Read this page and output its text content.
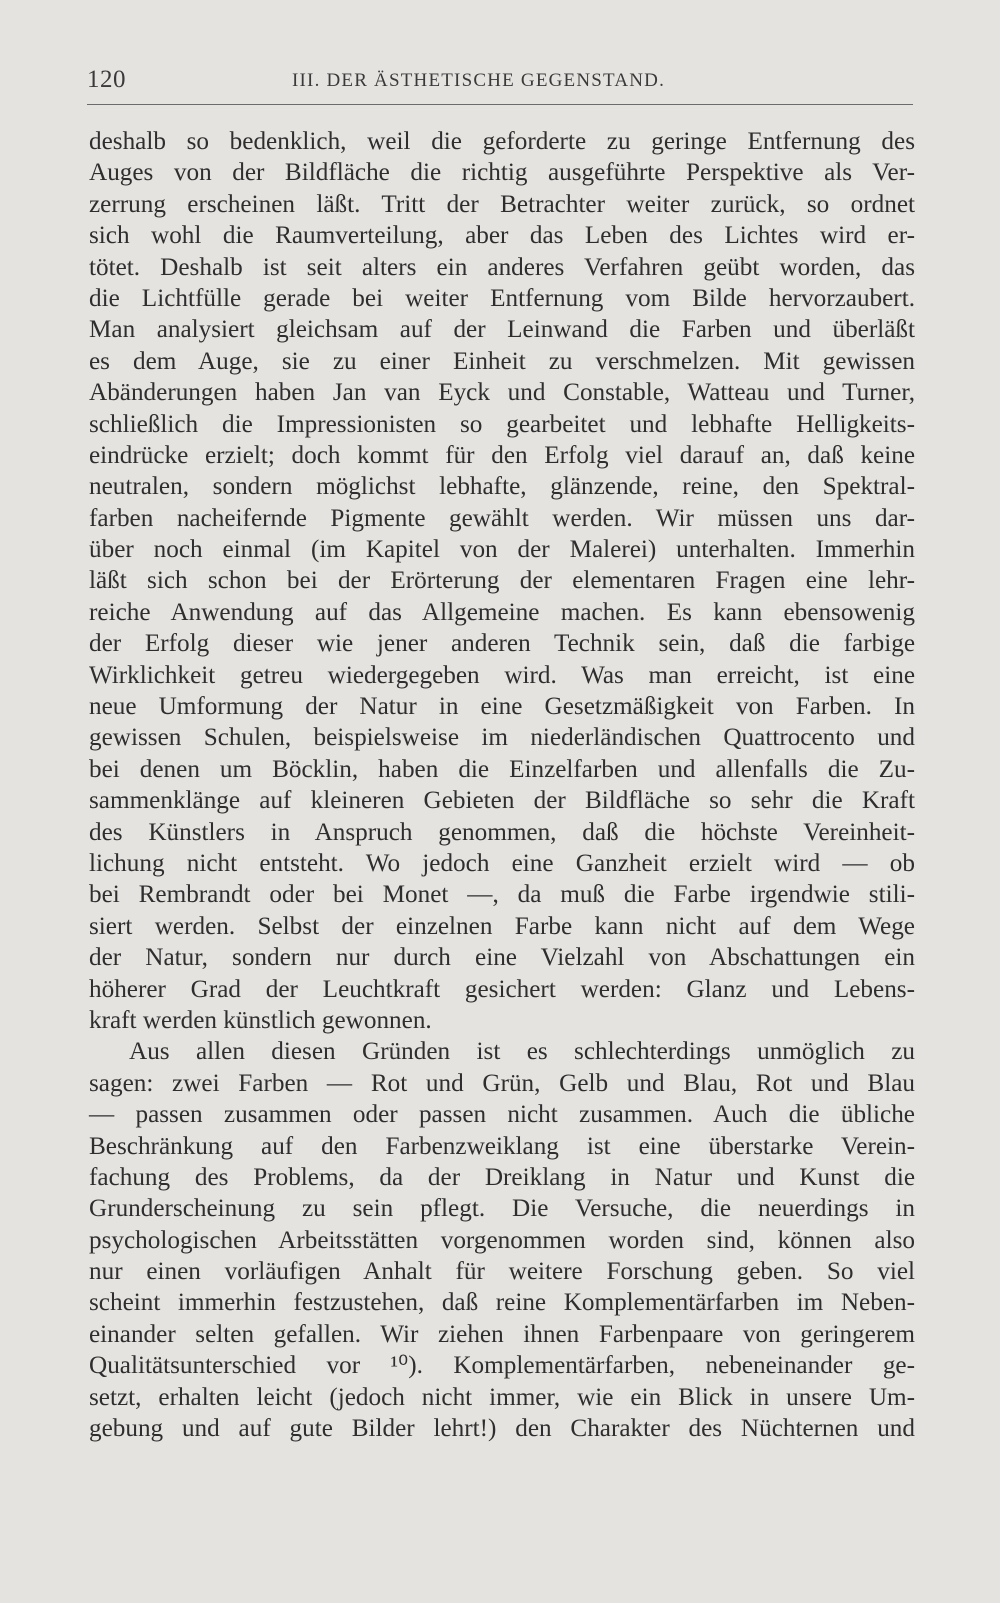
120	III. DER ÄSTHETISCHE GEGENSTAND.
deshalb so bedenklich, weil die geforderte zu geringe Entfernung des
Auges von der Bildfläche die richtig ausgeführte Perspektive als Ver-
zerrung erscheinen läßt. Tritt der Betrachter weiter zurück, so ordnet
sich wohl die Raumverteilung, aber das Leben des Lichtes wird er-
tötet. Deshalb ist seit alters ein anderes Verfahren geübt worden, das
die Lichtfülle gerade bei weiter Entfernung vom Bilde hervorzaubert.
Man analysiert gleichsam auf der Leinwand die Farben und überläßt
es dem Auge, sie zu einer Einheit zu verschmelzen. Mit gewissen
Abänderungen haben Jan van Eyck und Constable, Watteau und Turner,
schließlich die Impressionisten so gearbeitet und lebhafte Helligkeits-
eindrücke erzielt; doch kommt für den Erfolg viel darauf an, daß keine
neutralen, sondern möglichst lebhafte, glänzende, reine, den Spektral-
farben nacheifernde Pigmente gewählt werden. Wir müssen uns dar-
über noch einmal (im Kapitel von der Malerei) unterhalten. Immerhin
läßt sich schon bei der Erörterung der elementaren Fragen eine lehr-
reiche Anwendung auf das Allgemeine machen. Es kann ebensowenig
der Erfolg dieser wie jener anderen Technik sein, daß die farbige
Wirklichkeit getreu wiedergegeben wird. Was man erreicht, ist eine
neue Umformung der Natur in eine Gesetzmäßigkeit von Farben. In
gewissen Schulen, beispielsweise im niederländischen Quattrocento und
bei denen um Böcklin, haben die Einzelfarben und allenfalls die Zu-
sammenklänge auf kleineren Gebieten der Bildfläche so sehr die Kraft
des Künstlers in Anspruch genommen, daß die höchste Vereinheit-
lichung nicht entsteht. Wo jedoch eine Ganzheit erzielt wird — ob
bei Rembrandt oder bei Monet —, da muß die Farbe irgendwie stili-
siert werden. Selbst der einzelnen Farbe kann nicht auf dem Wege
der Natur, sondern nur durch eine Vielzahl von Abschattungen ein
höherer Grad der Leuchtkraft gesichert werden: Glanz und Lebens-
kraft werden künstlich gewonnen.
Aus allen diesen Gründen ist es schlechterdings unmöglich zu
sagen: zwei Farben — Rot und Grün, Gelb und Blau, Rot und Blau
— passen zusammen oder passen nicht zusammen. Auch die übliche
Beschränkung auf den Farbenzweiklang ist eine überstarke Verein-
fachung des Problems, da der Dreiklang in Natur und Kunst die
Grunderscheinung zu sein pflegt. Die Versuche, die neuerdings in
psychologischen Arbeitsstätten vorgenommen worden sind, können also
nur einen vorläufigen Anhalt für weitere Forschung geben. So viel
scheint immerhin festzustehen, daß reine Komplementärfarben im Neben-
einander selten gefallen. Wir ziehen ihnen Farbenpaare von geringerem
Qualitätsunterschied vor ¹⁰). Komplementärfarben, nebeneinander ge-
setzt, erhalten leicht (jedoch nicht immer, wie ein Blick in unsere Um-
gebung und auf gute Bilder lehrt!) den Charakter des Nüchternen und
